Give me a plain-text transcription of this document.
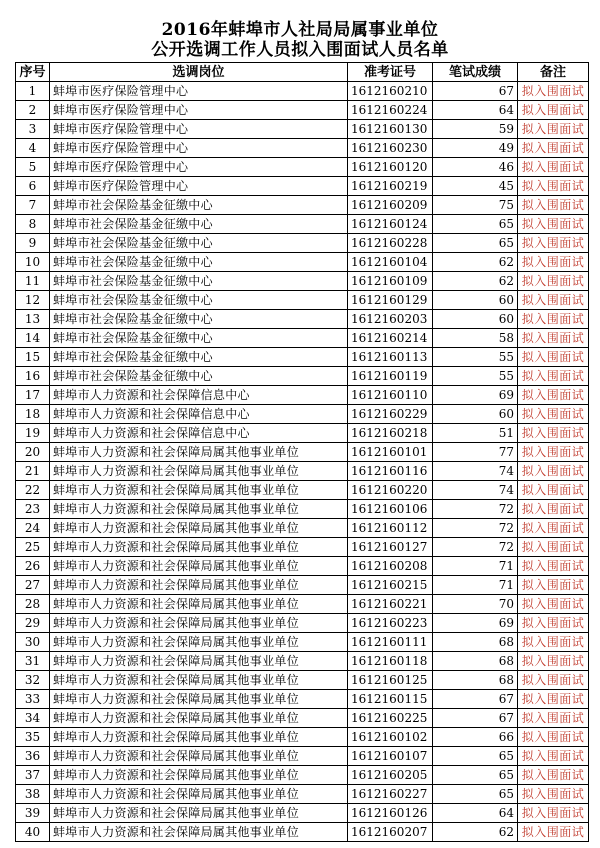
2016年蚌埠市人社局局属事业单位
公开选调工作人员拟入围面试人员名单
序号	选调岗位	准考证号	笔试成绩	备注
1	蚌埠市医疗保险管理中心	1612160210	67	拟入围面试
2	蚌埠市医疗保险管理中心	1612160224	64	拟入围面试
3	蚌埠市医疗保险管理中心	1612160130	59	拟入围面试
4	蚌埠市医疗保险管理中心	1612160230	49	拟入围面试
5	蚌埠市医疗保险管理中心	1612160120	46	拟入围面试
6	蚌埠市医疗保险管理中心	1612160219	45	拟入围面试
7	蚌埠市社会保险基金征缴中心	1612160209	75	拟入围面试
8	蚌埠市社会保险基金征缴中心	1612160124	65	拟入围面试
9	蚌埠市社会保险基金征缴中心	1612160228	65	拟入围面试
10	蚌埠市社会保险基金征缴中心	1612160104	62	拟入围面试
11	蚌埠市社会保险基金征缴中心	1612160109	62	拟入围面试
12	蚌埠市社会保险基金征缴中心	1612160129	60	拟入围面试
13	蚌埠市社会保险基金征缴中心	1612160203	60	拟入围面试
14	蚌埠市社会保险基金征缴中心	1612160214	58	拟入围面试
15	蚌埠市社会保险基金征缴中心	1612160113	55	拟入围面试
16	蚌埠市社会保险基金征缴中心	1612160119	55	拟入围面试
17	蚌埠市人力资源和社会保障信息中心	1612160110	69	拟入围面试
18	蚌埠市人力资源和社会保障信息中心	1612160229	60	拟入围面试
19	蚌埠市人力资源和社会保障信息中心	1612160218	51	拟入围面试
20	蚌埠市人力资源和社会保障局属其他事业单位	1612160101	77	拟入围面试
21	蚌埠市人力资源和社会保障局属其他事业单位	1612160116	74	拟入围面试
22	蚌埠市人力资源和社会保障局属其他事业单位	1612160220	74	拟入围面试
23	蚌埠市人力资源和社会保障局属其他事业单位	1612160106	72	拟入围面试
24	蚌埠市人力资源和社会保障局属其他事业单位	1612160112	72	拟入围面试
25	蚌埠市人力资源和社会保障局属其他事业单位	1612160127	72	拟入围面试
26	蚌埠市人力资源和社会保障局属其他事业单位	1612160208	71	拟入围面试
27	蚌埠市人力资源和社会保障局属其他事业单位	1612160215	71	拟入围面试
28	蚌埠市人力资源和社会保障局属其他事业单位	1612160221	70	拟入围面试
29	蚌埠市人力资源和社会保障局属其他事业单位	1612160223	69	拟入围面试
30	蚌埠市人力资源和社会保障局属其他事业单位	1612160111	68	拟入围面试
31	蚌埠市人力资源和社会保障局属其他事业单位	1612160118	68	拟入围面试
32	蚌埠市人力资源和社会保障局属其他事业单位	1612160125	68	拟入围面试
33	蚌埠市人力资源和社会保障局属其他事业单位	1612160115	67	拟入围面试
34	蚌埠市人力资源和社会保障局属其他事业单位	1612160225	67	拟入围面试
35	蚌埠市人力资源和社会保障局属其他事业单位	1612160102	66	拟入围面试
36	蚌埠市人力资源和社会保障局属其他事业单位	1612160107	65	拟入围面试
37	蚌埠市人力资源和社会保障局属其他事业单位	1612160205	65	拟入围面试
38	蚌埠市人力资源和社会保障局属其他事业单位	1612160227	65	拟入围面试
39	蚌埠市人力资源和社会保障局属其他事业单位	1612160126	64	拟入围面试
40	蚌埠市人力资源和社会保障局属其他事业单位	1612160207	62	拟入围面试
